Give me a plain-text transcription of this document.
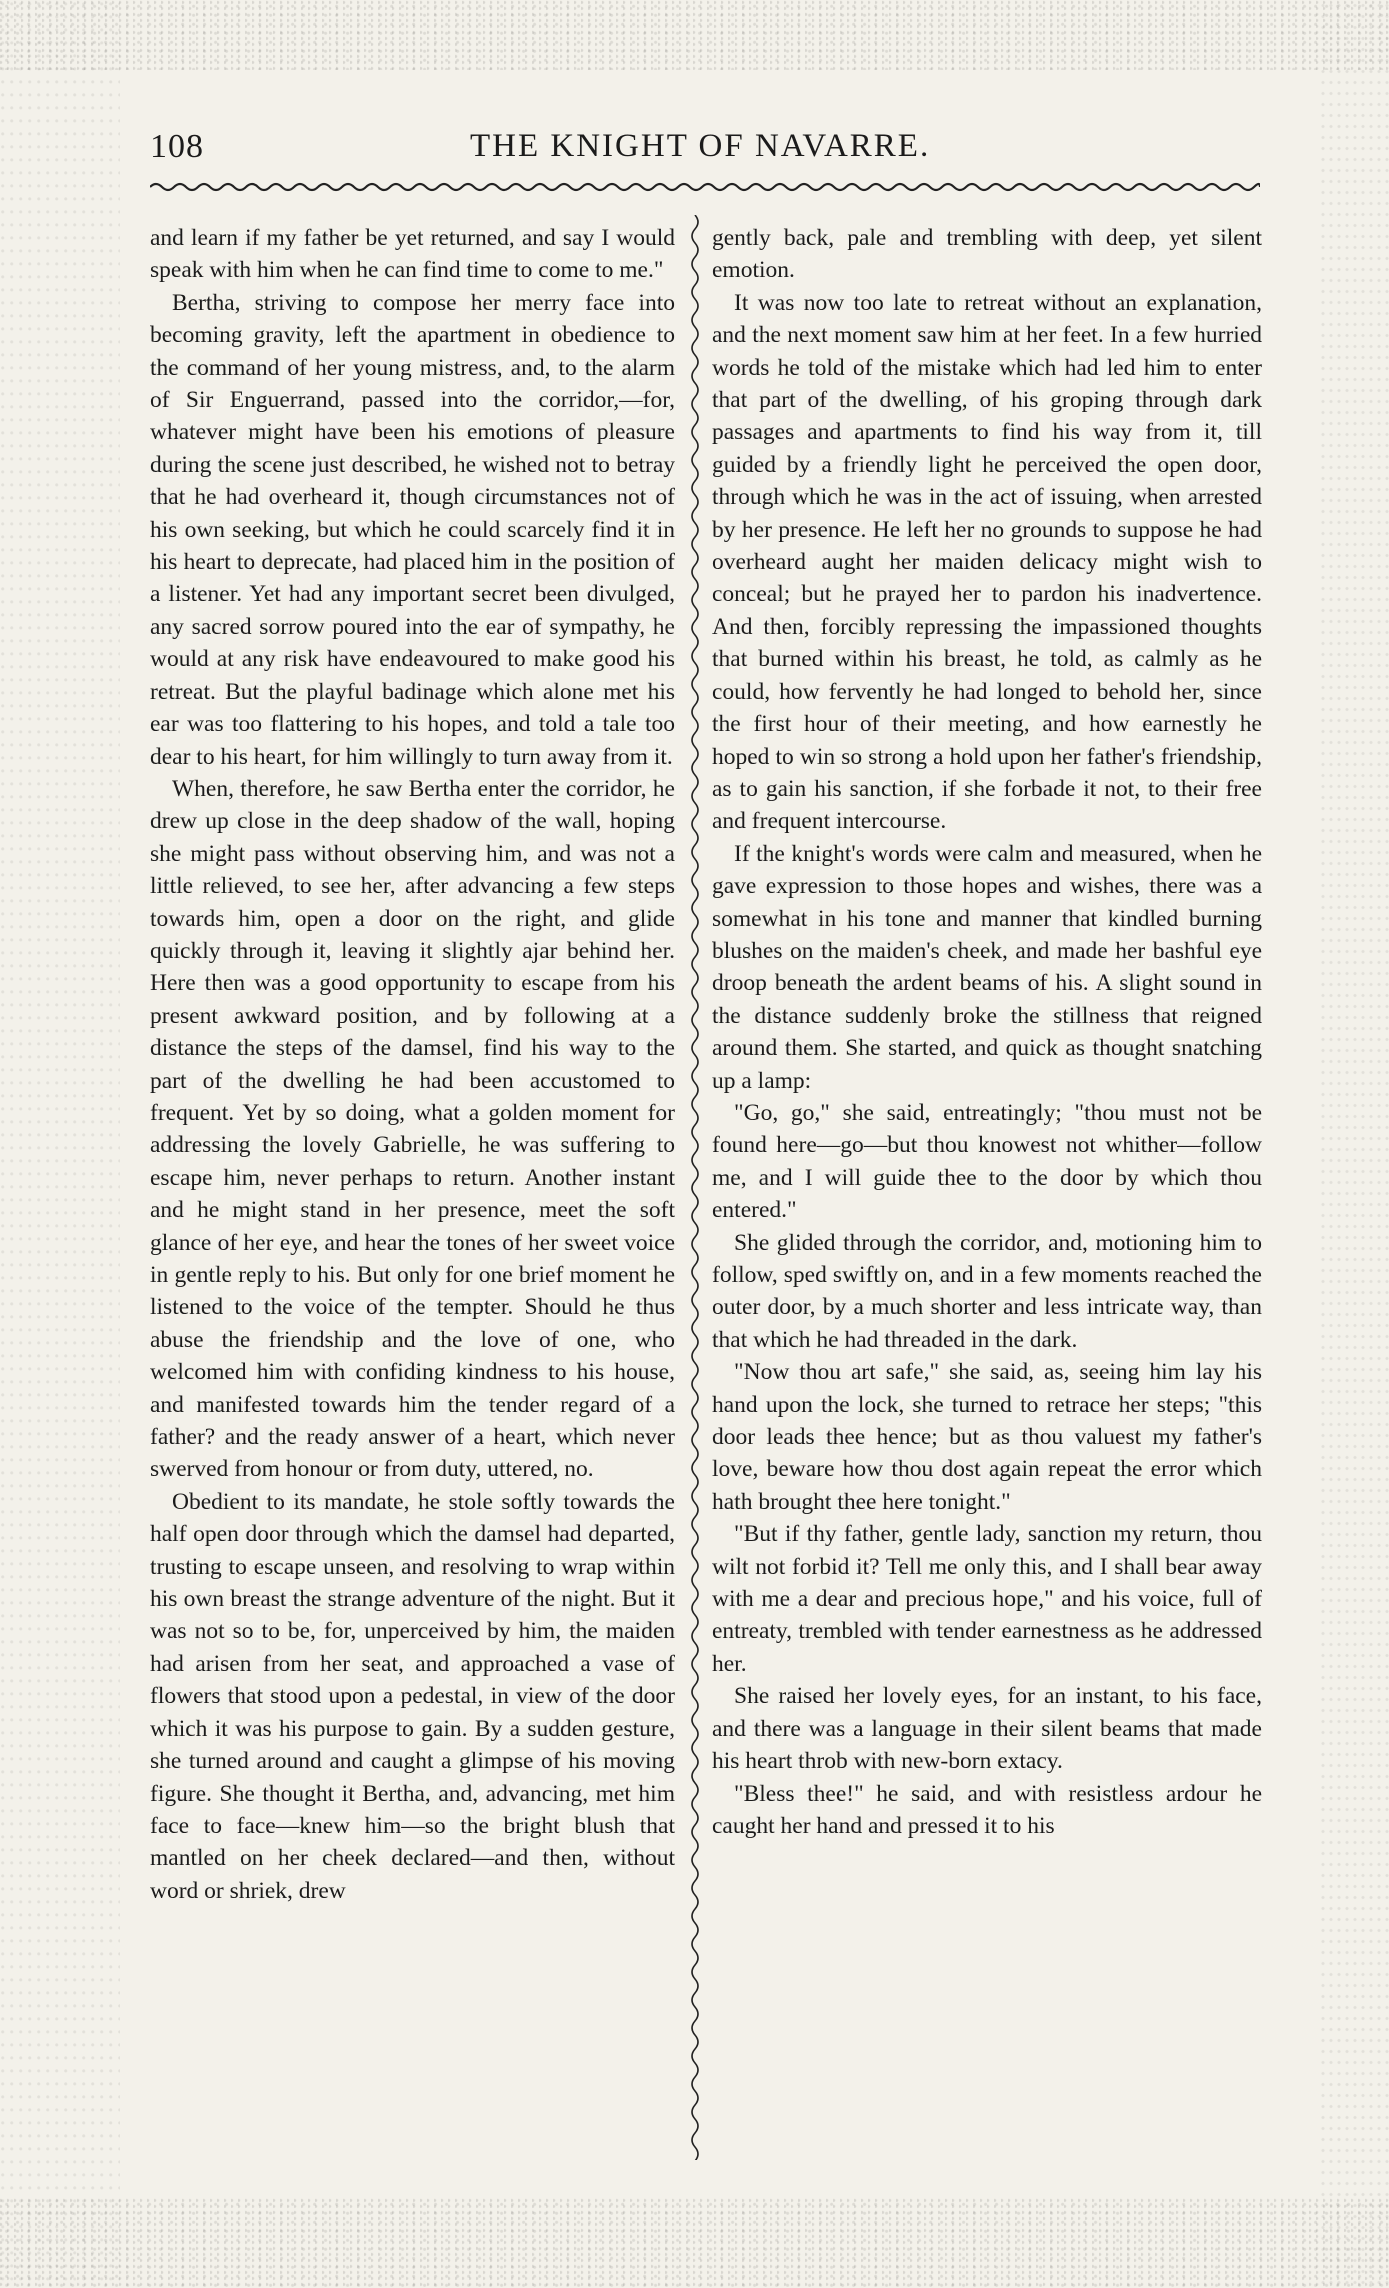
108	THE KNIGHT OF NAVARRE.

and learn if my father be yet returned, and say I would speak with him when he can find time to come to me."

Bertha, striving to compose her merry face into becoming gravity, left the apartment in obedience to the command of her young mistress, and, to the alarm of Sir Enguerrand, passed into the corridor,—for, whatever might have been his emotions of pleasure during the scene just described, he wished not to betray that he had overheard it, though circumstances not of his own seeking, but which he could scarcely find it in his heart to deprecate, had placed him in the position of a listener. Yet had any important secret been divulged, any sacred sorrow poured into the ear of sympathy, he would at any risk have endeavoured to make good his retreat. But the playful badinage which alone met his ear was too flattering to his hopes, and told a tale too dear to his heart, for him willingly to turn away from it.

When, therefore, he saw Bertha enter the corridor, he drew up close in the deep shadow of the wall, hoping she might pass without observing him, and was not a little relieved, to see her, after advancing a few steps towards him, open a door on the right, and glide quickly through it, leaving it slightly ajar behind her. Here then was a good opportunity to escape from his present awkward position, and by following at a distance the steps of the damsel, find his way to the part of the dwelling he had been accustomed to frequent. Yet by so doing, what a golden moment for addressing the lovely Gabrielle, he was suffering to escape him, never perhaps to return. Another instant and he might stand in her presence, meet the soft glance of her eye, and hear the tones of her sweet voice in gentle reply to his. But only for one brief moment he listened to the voice of the tempter. Should he thus abuse the friendship and the love of one, who welcomed him with confiding kindness to his house, and manifested towards him the tender regard of a father? and the ready answer of a heart, which never swerved from honour or from duty, uttered, no.

Obedient to its mandate, he stole softly towards the half open door through which the damsel had departed, trusting to escape unseen, and resolving to wrap within his own breast the strange adventure of the night. But it was not so to be, for, unperceived by him, the maiden had arisen from her seat, and approached a vase of flowers that stood upon a pedestal, in view of the door which it was his purpose to gain. By a sudden gesture, she turned around and caught a glimpse of his moving figure. She thought it Bertha, and, advancing, met him face to face—knew him—so the bright blush that mantled on her cheek declared—and then, without word or shriek, drew

gently back, pale and trembling with deep, yet silent emotion.

It was now too late to retreat without an explanation, and the next moment saw him at her feet. In a few hurried words he told of the mistake which had led him to enter that part of the dwelling, of his groping through dark passages and apartments to find his way from it, till guided by a friendly light he perceived the open door, through which he was in the act of issuing, when arrested by her presence. He left her no grounds to suppose he had overheard aught her maiden delicacy might wish to conceal; but he prayed her to pardon his inadvertence. And then, forcibly repressing the impassioned thoughts that burned within his breast, he told, as calmly as he could, how fervently he had longed to behold her, since the first hour of their meeting, and how earnestly he hoped to win so strong a hold upon her father's friendship, as to gain his sanction, if she forbade it not, to their free and frequent intercourse.

If the knight's words were calm and measured, when he gave expression to those hopes and wishes, there was a somewhat in his tone and manner that kindled burning blushes on the maiden's cheek, and made her bashful eye droop beneath the ardent beams of his. A slight sound in the distance suddenly broke the stillness that reigned around them. She started, and quick as thought snatching up a lamp:

"Go, go," she said, entreatingly; "thou must not be found here—go—but thou knowest not whither—follow me, and I will guide thee to the door by which thou entered."

She glided through the corridor, and, motioning him to follow, sped swiftly on, and in a few moments reached the outer door, by a much shorter and less intricate way, than that which he had threaded in the dark.

"Now thou art safe," she said, as, seeing him lay his hand upon the lock, she turned to retrace her steps; "this door leads thee hence; but as thou valuest my father's love, beware how thou dost again repeat the error which hath brought thee here tonight."

"But if thy father, gentle lady, sanction my return, thou wilt not forbid it? Tell me only this, and I shall bear away with me a dear and precious hope," and his voice, full of entreaty, trembled with tender earnestness as he addressed her.

She raised her lovely eyes, for an instant, to his face, and there was a language in their silent beams that made his heart throb with new-born extacy.

"Bless thee!" he said, and with resistless ardour he caught her hand and pressed it to his
